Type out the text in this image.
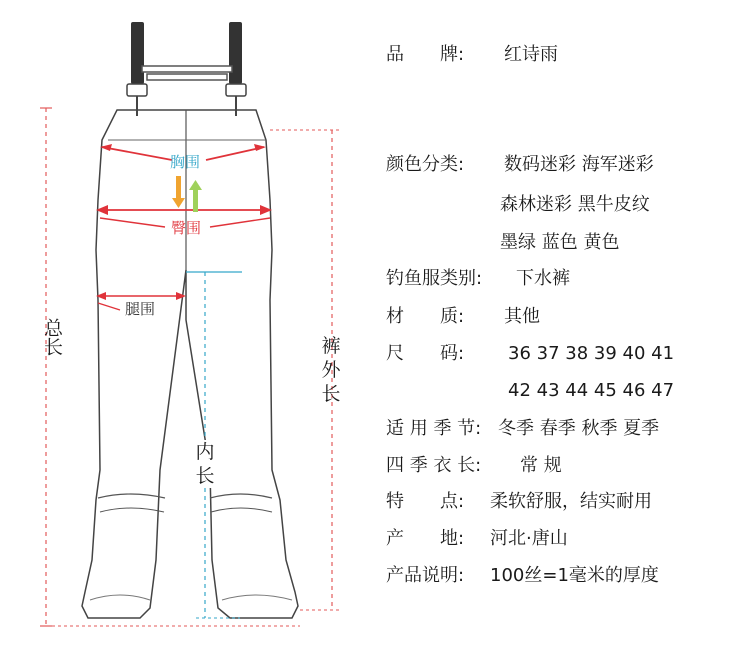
胸围
臀围
腿围
总长	裤外长
内长
品　　牌: 红诗雨
颜色分类: 数码迷彩 海军迷彩
森林迷彩 黑牛皮纹
墨绿 蓝色 黄色
钓鱼服类别: 下水裤
材　　质: 其他
尺　　码: 36 37 38 39 40 41
42 43 44 45 46 47
适 用 季 节: 冬季 春季 秋季 夏季
四 季 衣 长: 常 规
特　　点: 柔软舒服，结实耐用
产　　地: 河北·唐山
产品说明: 100丝=1毫米的厚度
